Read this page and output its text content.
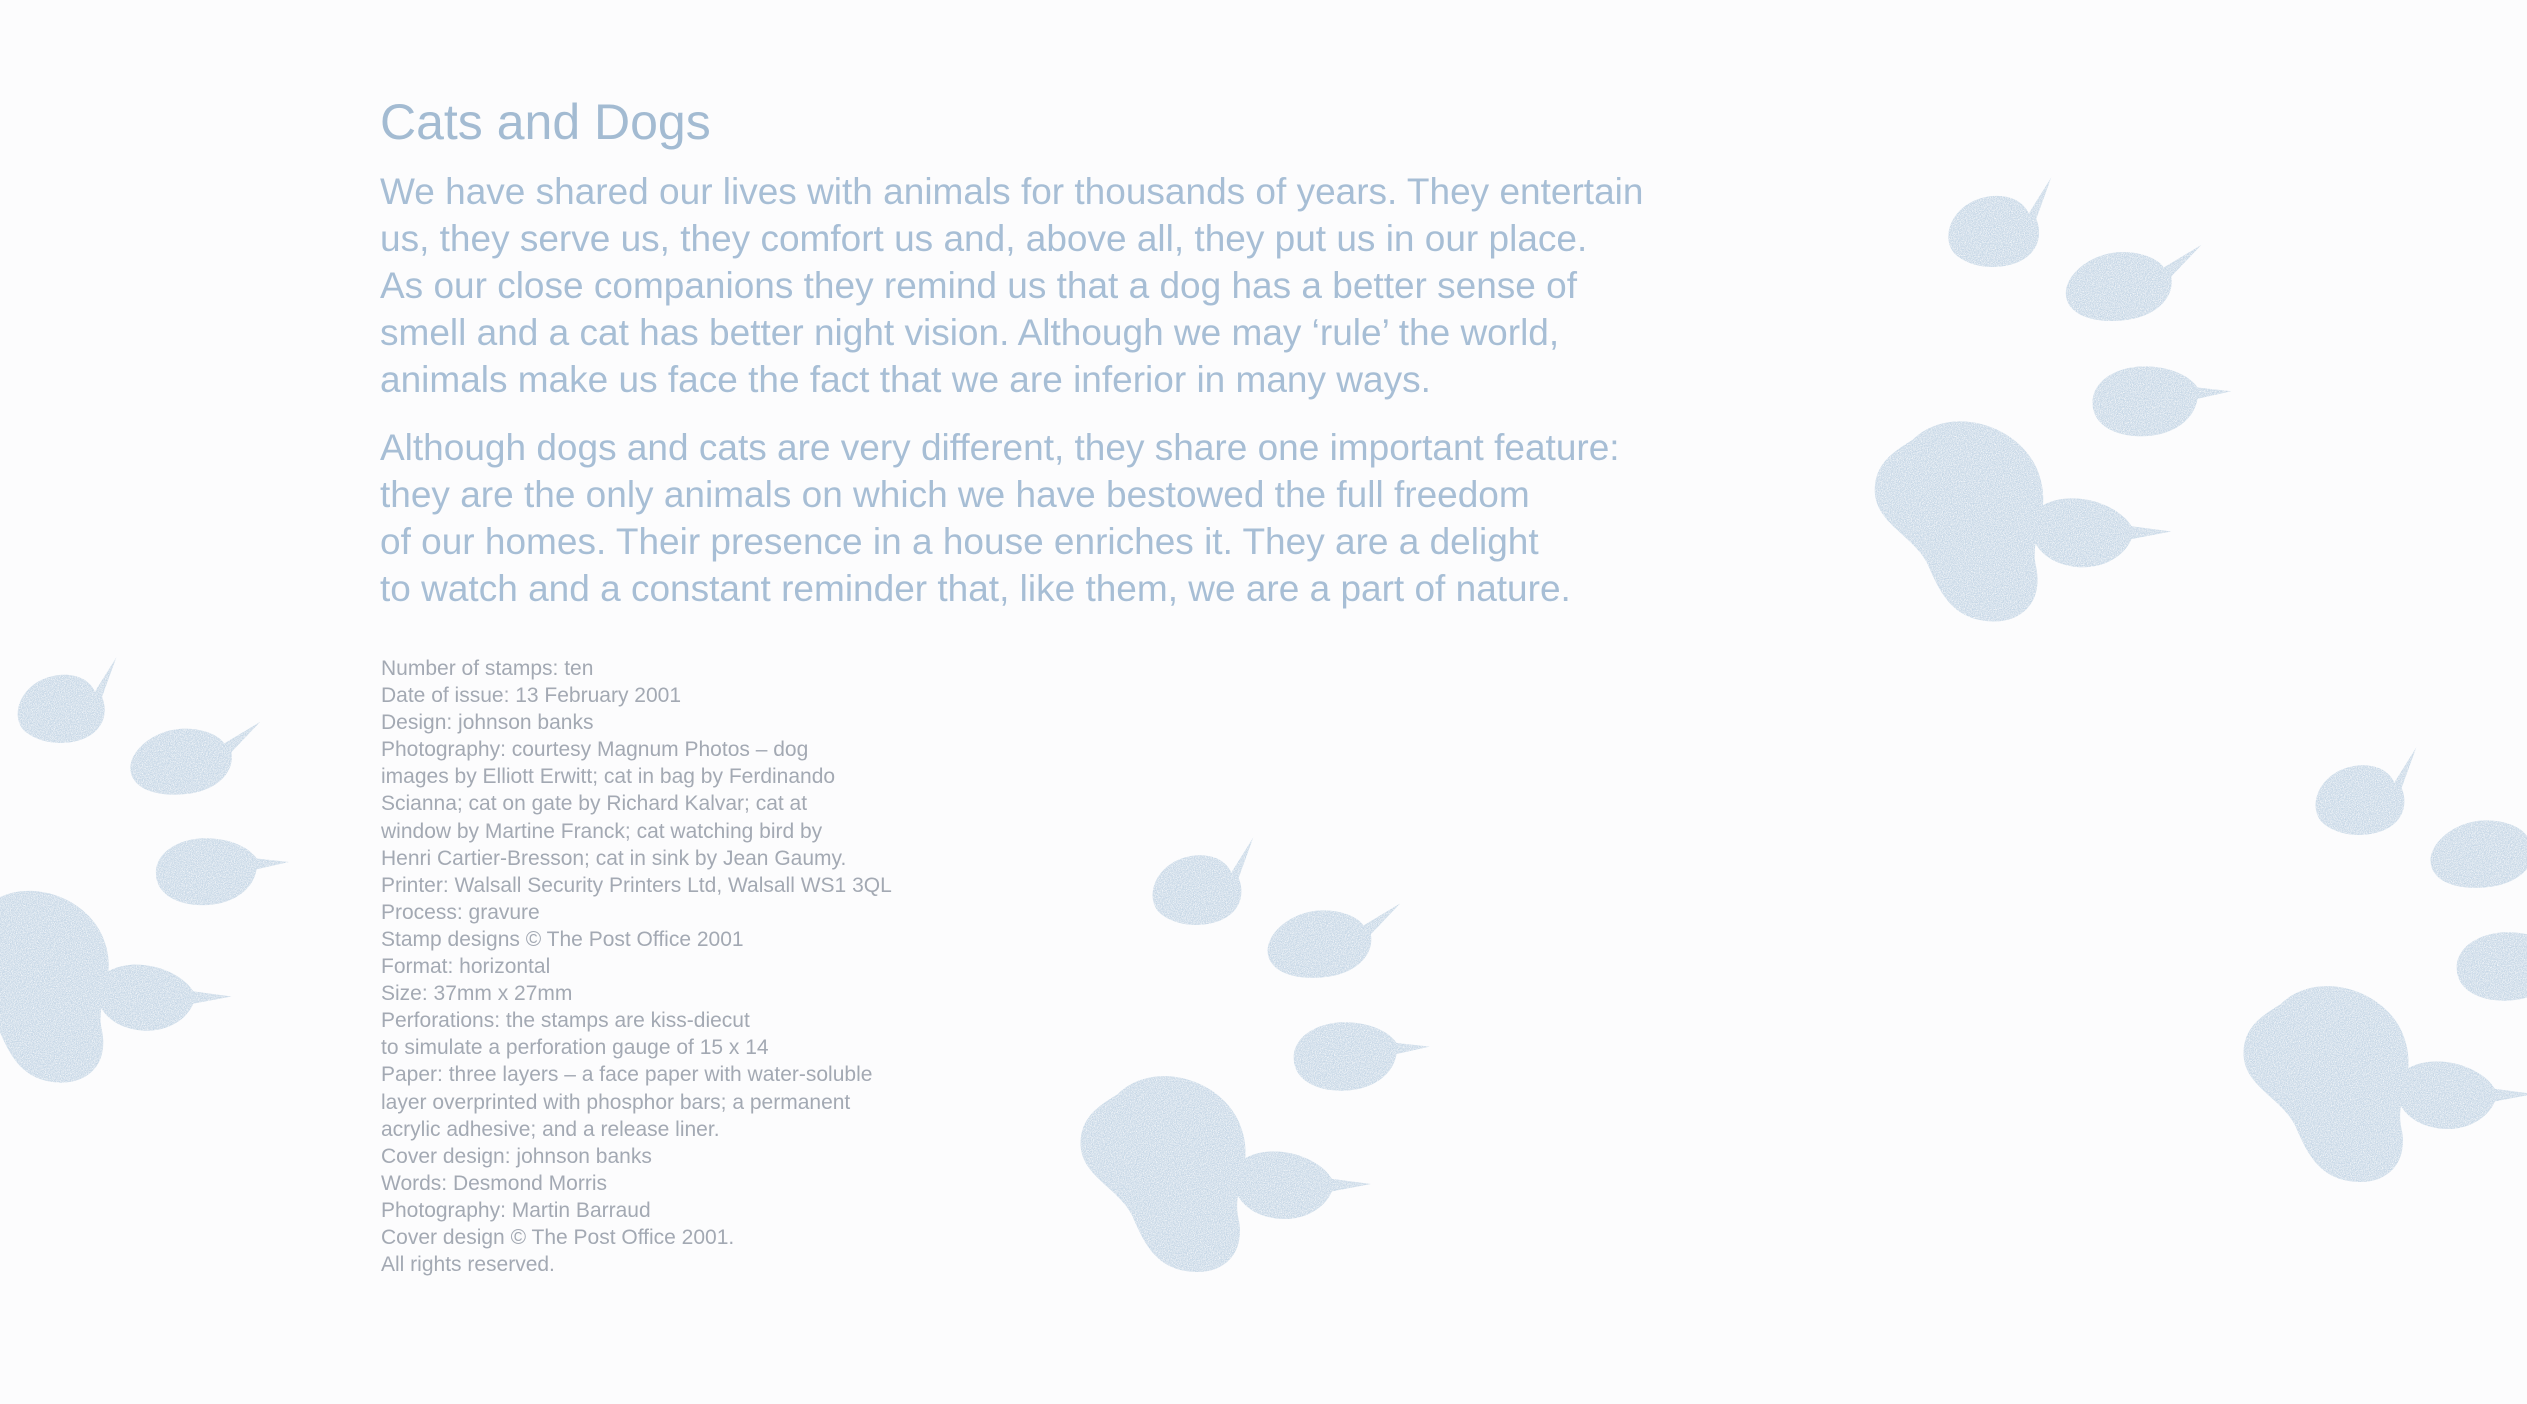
Cats and Dogs

We have shared our lives with animals for thousands of years. They entertain
us, they serve us, they comfort us and, above all, they put us in our place.
As our close companions they remind us that a dog has a better sense of
smell and a cat has better night vision. Although we may ‘rule’ the world,
animals make us face the fact that we are inferior in many ways.

Although dogs and cats are very different, they share one important feature:
they are the only animals on which we have bestowed the full freedom
of our homes. Their presence in a house enriches it. They are a delight
to watch and a constant reminder that, like them, we are a part of nature.

Number of stamps: ten
Date of issue: 13 February 2001
Design: johnson banks
Photography: courtesy Magnum Photos – dog
images by Elliott Erwitt; cat in bag by Ferdinando
Scianna; cat on gate by Richard Kalvar; cat at
window by Martine Franck; cat watching bird by
Henri Cartier-Bresson; cat in sink by Jean Gaumy.
Printer: Walsall Security Printers Ltd, Walsall WS1 3QL
Process: gravure
Stamp designs © The Post Office 2001
Format: horizontal
Size: 37mm x 27mm
Perforations: the stamps are kiss-diecut
to simulate a perforation gauge of 15 x 14
Paper: three layers – a face paper with water-soluble
layer overprinted with phosphor bars; a permanent
acrylic adhesive; and a release liner.
Cover design: johnson banks
Words: Desmond Morris
Photography: Martin Barraud
Cover design © The Post Office 2001.
All rights reserved.
